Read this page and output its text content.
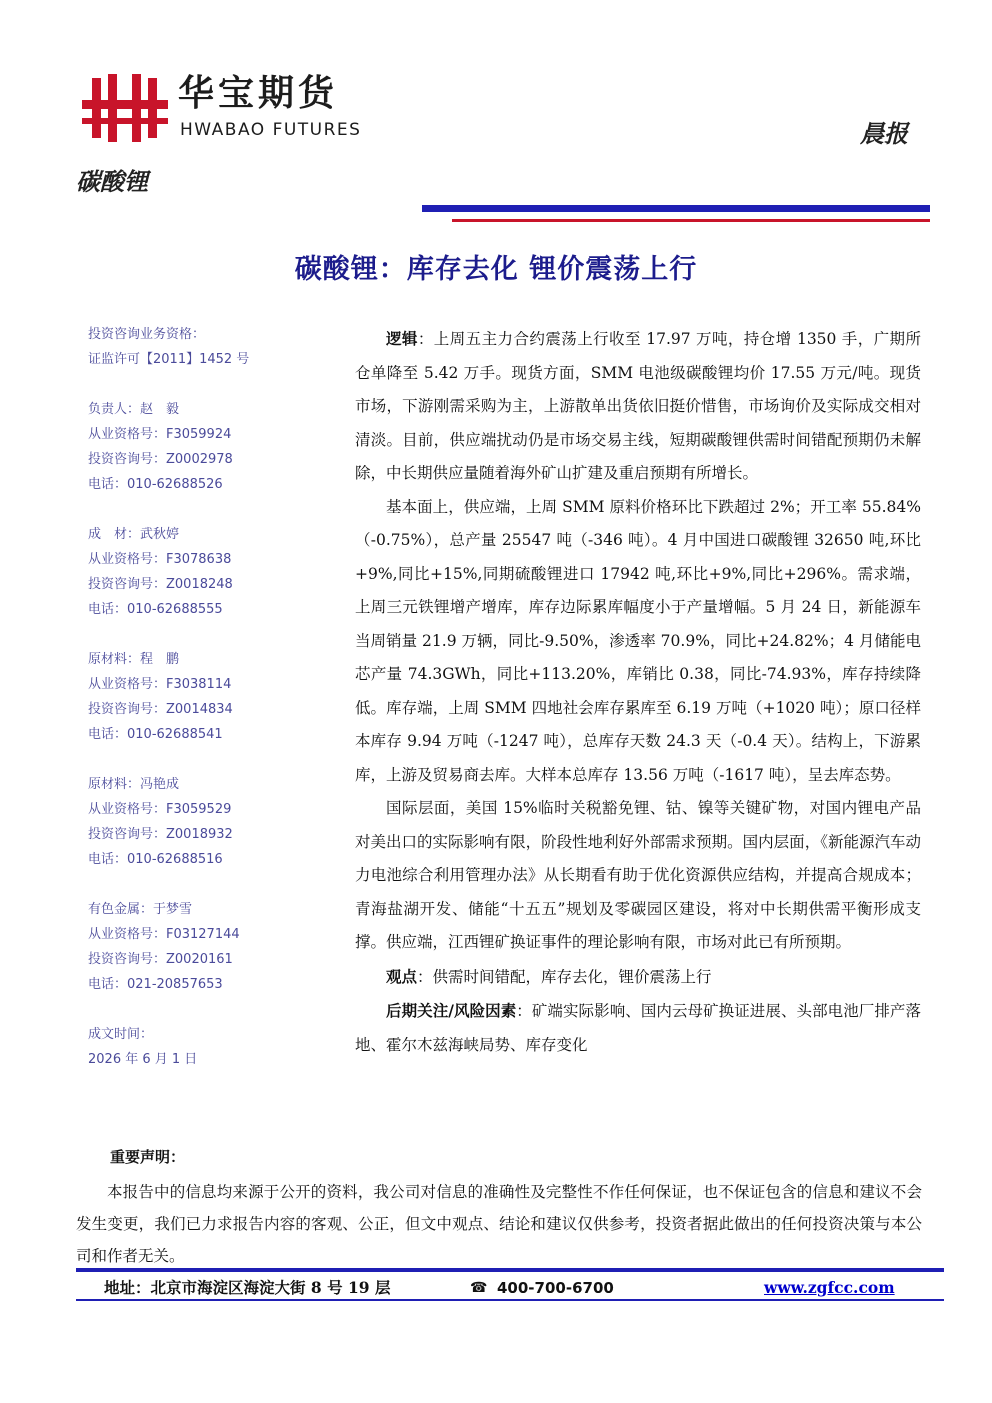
华宝期货
HWABAO FUTURES	晨报
碳酸锂
碳酸锂：库存去化 锂价震荡上行
投资咨询业务资格：
证监许可【2011】1452 号
负责人：赵　毅
从业资格号：F3059924
投资咨询号：Z0002978
电话：010-62688526
成　材：武秋婷
从业资格号：F3078638
投资咨询号：Z0018248
电话：010-62688555
原材料：程　鹏
从业资格号：F3038114
投资咨询号：Z0014834
电话：010-62688541
原材料：冯艳成
从业资格号：F3059529
投资咨询号：Z0018932
电话：010-62688516
有色金属：于梦雪
从业资格号：F03127144
投资咨询号：Z0020161
电话：021-20857653
成文时间：
2026 年 6 月 1 日

逻辑：上周五主力合约震荡上行收至 17.97 万吨，持仓增 1350 手，广期所仓单降至 5.42 万手。现货方面，SMM 电池级碳酸锂均价 17.55 万元/吨。现货市场，下游刚需采购为主，上游散单出货依旧挺价惜售，市场询价及实际成交相对清淡。目前，供应端扰动仍是市场交易主线，短期碳酸锂供需时间错配预期仍未解除，中长期供应量随着海外矿山扩建及重启预期有所增长。

基本面上，供应端，上周 SMM 原料价格环比下跌超过 2%；开工率 55.84%（-0.75%），总产量 25547 吨（-346 吨）。4 月中国进口碳酸锂 32650 吨,环比+9%,同比+15%,同期硫酸锂进口 17942 吨,环比+9%,同比+296%。需求端，上周三元铁锂增产增库，库存边际累库幅度小于产量增幅。5 月 24 日，新能源车当周销量 21.9 万辆，同比-9.50%，渗透率 70.9%，同比+24.82%；4 月储能电芯产量 74.3GWh，同比+113.20%，库销比 0.38，同比-74.93%，库存持续降低。库存端，上周 SMM 四地社会库存累库至 6.19 万吨（+1020 吨）；原口径样本库存 9.94 万吨（-1247 吨），总库存天数 24.3 天（-0.4 天）。结构上，下游累库，上游及贸易商去库。大样本总库存 13.56 万吨（-1617 吨），呈去库态势。

国际层面，美国 15%临时关税豁免锂、钴、镍等关键矿物，对国内锂电产品对美出口的实际影响有限，阶段性地利好外部需求预期。国内层面，《新能源汽车动力电池综合利用管理办法》从长期看有助于优化资源供应结构，并提高合规成本；青海盐湖开发、储能“十五五”规划及零碳园区建设，将对中长期供需平衡形成支撑。供应端，江西锂矿换证事件的理论影响有限，市场对此已有所预期。

观点：供需时间错配，库存去化，锂价震荡上行

后期关注/风险因素：矿端实际影响、国内云母矿换证进展、头部电池厂排产落地、霍尔木兹海峡局势、库存变化

重要声明：
本报告中的信息均来源于公开的资料，我公司对信息的准确性及完整性不作任何保证，也不保证包含的信息和建议不会发生变更，我们已力求报告内容的客观、公正，但文中观点、结论和建议仅供参考，投资者据此做出的任何投资决策与本公司和作者无关。
地址：北京市海淀区海淀大街 8 号 19 层	☎ 400-700-6700	www.zgfcc.com
